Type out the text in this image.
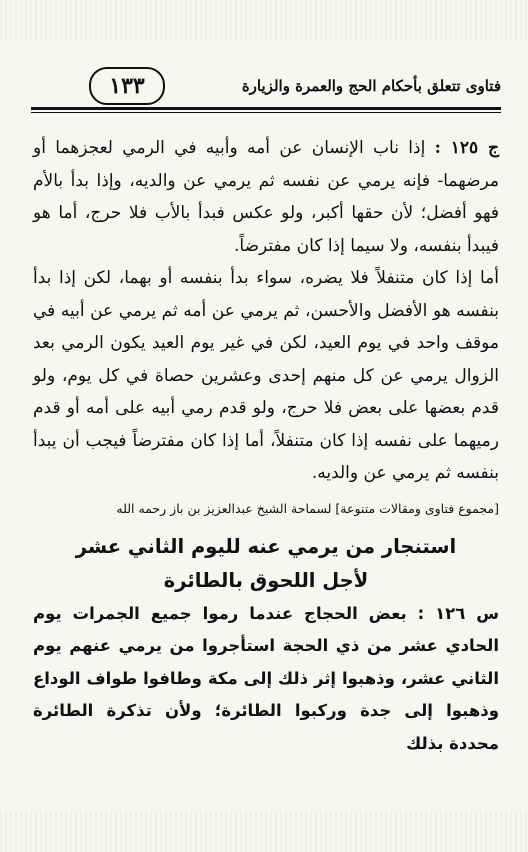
فتاوى تتعلق بأحكام الحج والعمرة والزيارة
١٣٣

ج ١٢٥ : إذا ناب الإنسان عن أمه وأبيه في الرمي لعجزهما أو مرضهما- فإنه يرمي عن نفسه ثم يرمي عن والديه، وإذا بدأ بالأم فهو أفضل؛ لأن حقها أكبر، ولو عكس فبدأ بالأب فلا حرج، أما هو فيبدأ بنفسه، ولا سيما إذا كان مفترضاً.

أما إذا كان متنفلاً فلا يضره، سواء بدأ بنفسه أو بهما، لكن إذا بدأ بنفسه هو الأفضل والأحسن، ثم يرمي عن أمه ثم يرمي عن أبيه في موقف واحد في يوم العيد، لكن في غير يوم العيد يكون الرمي بعد الزوال يرمي عن كل منهم إحدى وعشرين حصاة في كل يوم، ولو قدم بعضها على بعض فلا حرج، ولو قدم رمي أبيه على أمه أو قدم رميهما على نفسه إذا كان متنفلاً، أما إذا كان مفترضاً فيجب أن يبدأ بنفسه ثم يرمي عن والديه.

[مجموع فتاوى ومقالات متنوعة] لسماحة الشيخ عبدالعزيز بن باز رحمه الله
استنجار من يرمي عنه لليوم الثاني عشر
لأجل اللحوق بالطائرة

س ١٢٦ : بعض الحجاج عندما رموا جميع الجمرات يوم الحادي عشر من ذي الحجة استأجروا من يرمي عنهم يوم الثاني عشر، وذهبوا إثر ذلك إلى مكة وطافوا طواف الوداع وذهبوا إلى جدة وركبوا الطائرة؛ ولأن تذكرة الطائرة محددة بذلك
